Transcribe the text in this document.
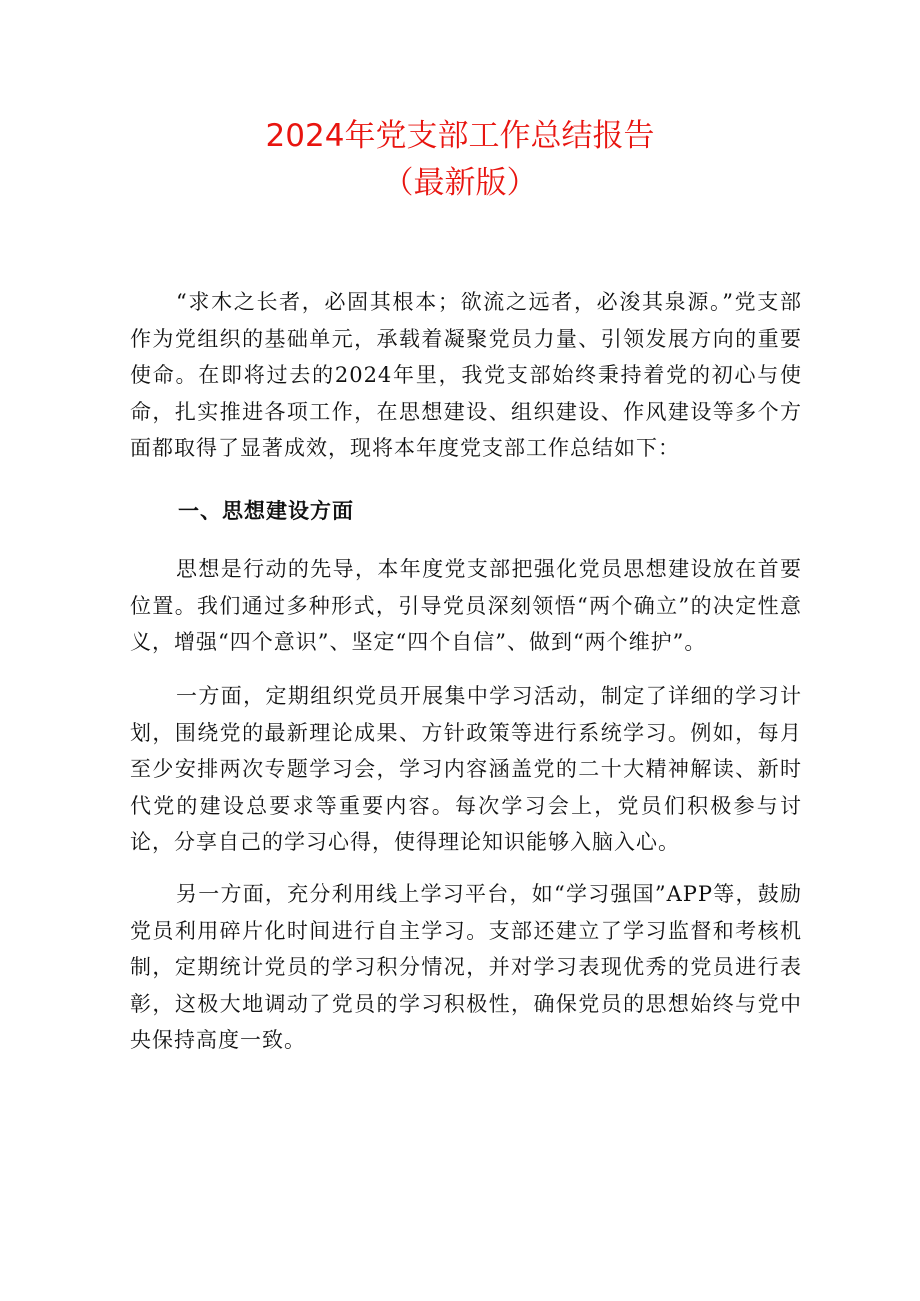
2024年党支部工作总结报告
（最新版）

“求木之长者，必固其根本；欲流之远者，必浚其泉源。”党支部作为党组织的基础单元，承载着凝聚党员力量、引领发展方向的重要使命。在即将过去的2024年里，我党支部始终秉持着党的初心与使命，扎实推进各项工作，在思想建设、组织建设、作风建设等多个方面都取得了显著成效，现将本年度党支部工作总结如下：

一、思想建设方面

思想是行动的先导，本年度党支部把强化党员思想建设放在首要位置。我们通过多种形式，引导党员深刻领悟“两个确立”的决定性意义，增强“四个意识”、坚定“四个自信”、做到“两个维护”。

一方面，定期组织党员开展集中学习活动，制定了详细的学习计划，围绕党的最新理论成果、方针政策等进行系统学习。例如，每月至少安排两次专题学习会，学习内容涵盖党的二十大精神解读、新时代党的建设总要求等重要内容。每次学习会上，党员们积极参与讨论，分享自己的学习心得，使得理论知识能够入脑入心。

另一方面，充分利用线上学习平台，如“学习强国”APP等，鼓励党员利用碎片化时间进行自主学习。支部还建立了学习监督和考核机制，定期统计党员的学习积分情况，并对学习表现优秀的党员进行表彰，这极大地调动了党员的学习积极性，确保党员的思想始终与党中央保持高度一致。
